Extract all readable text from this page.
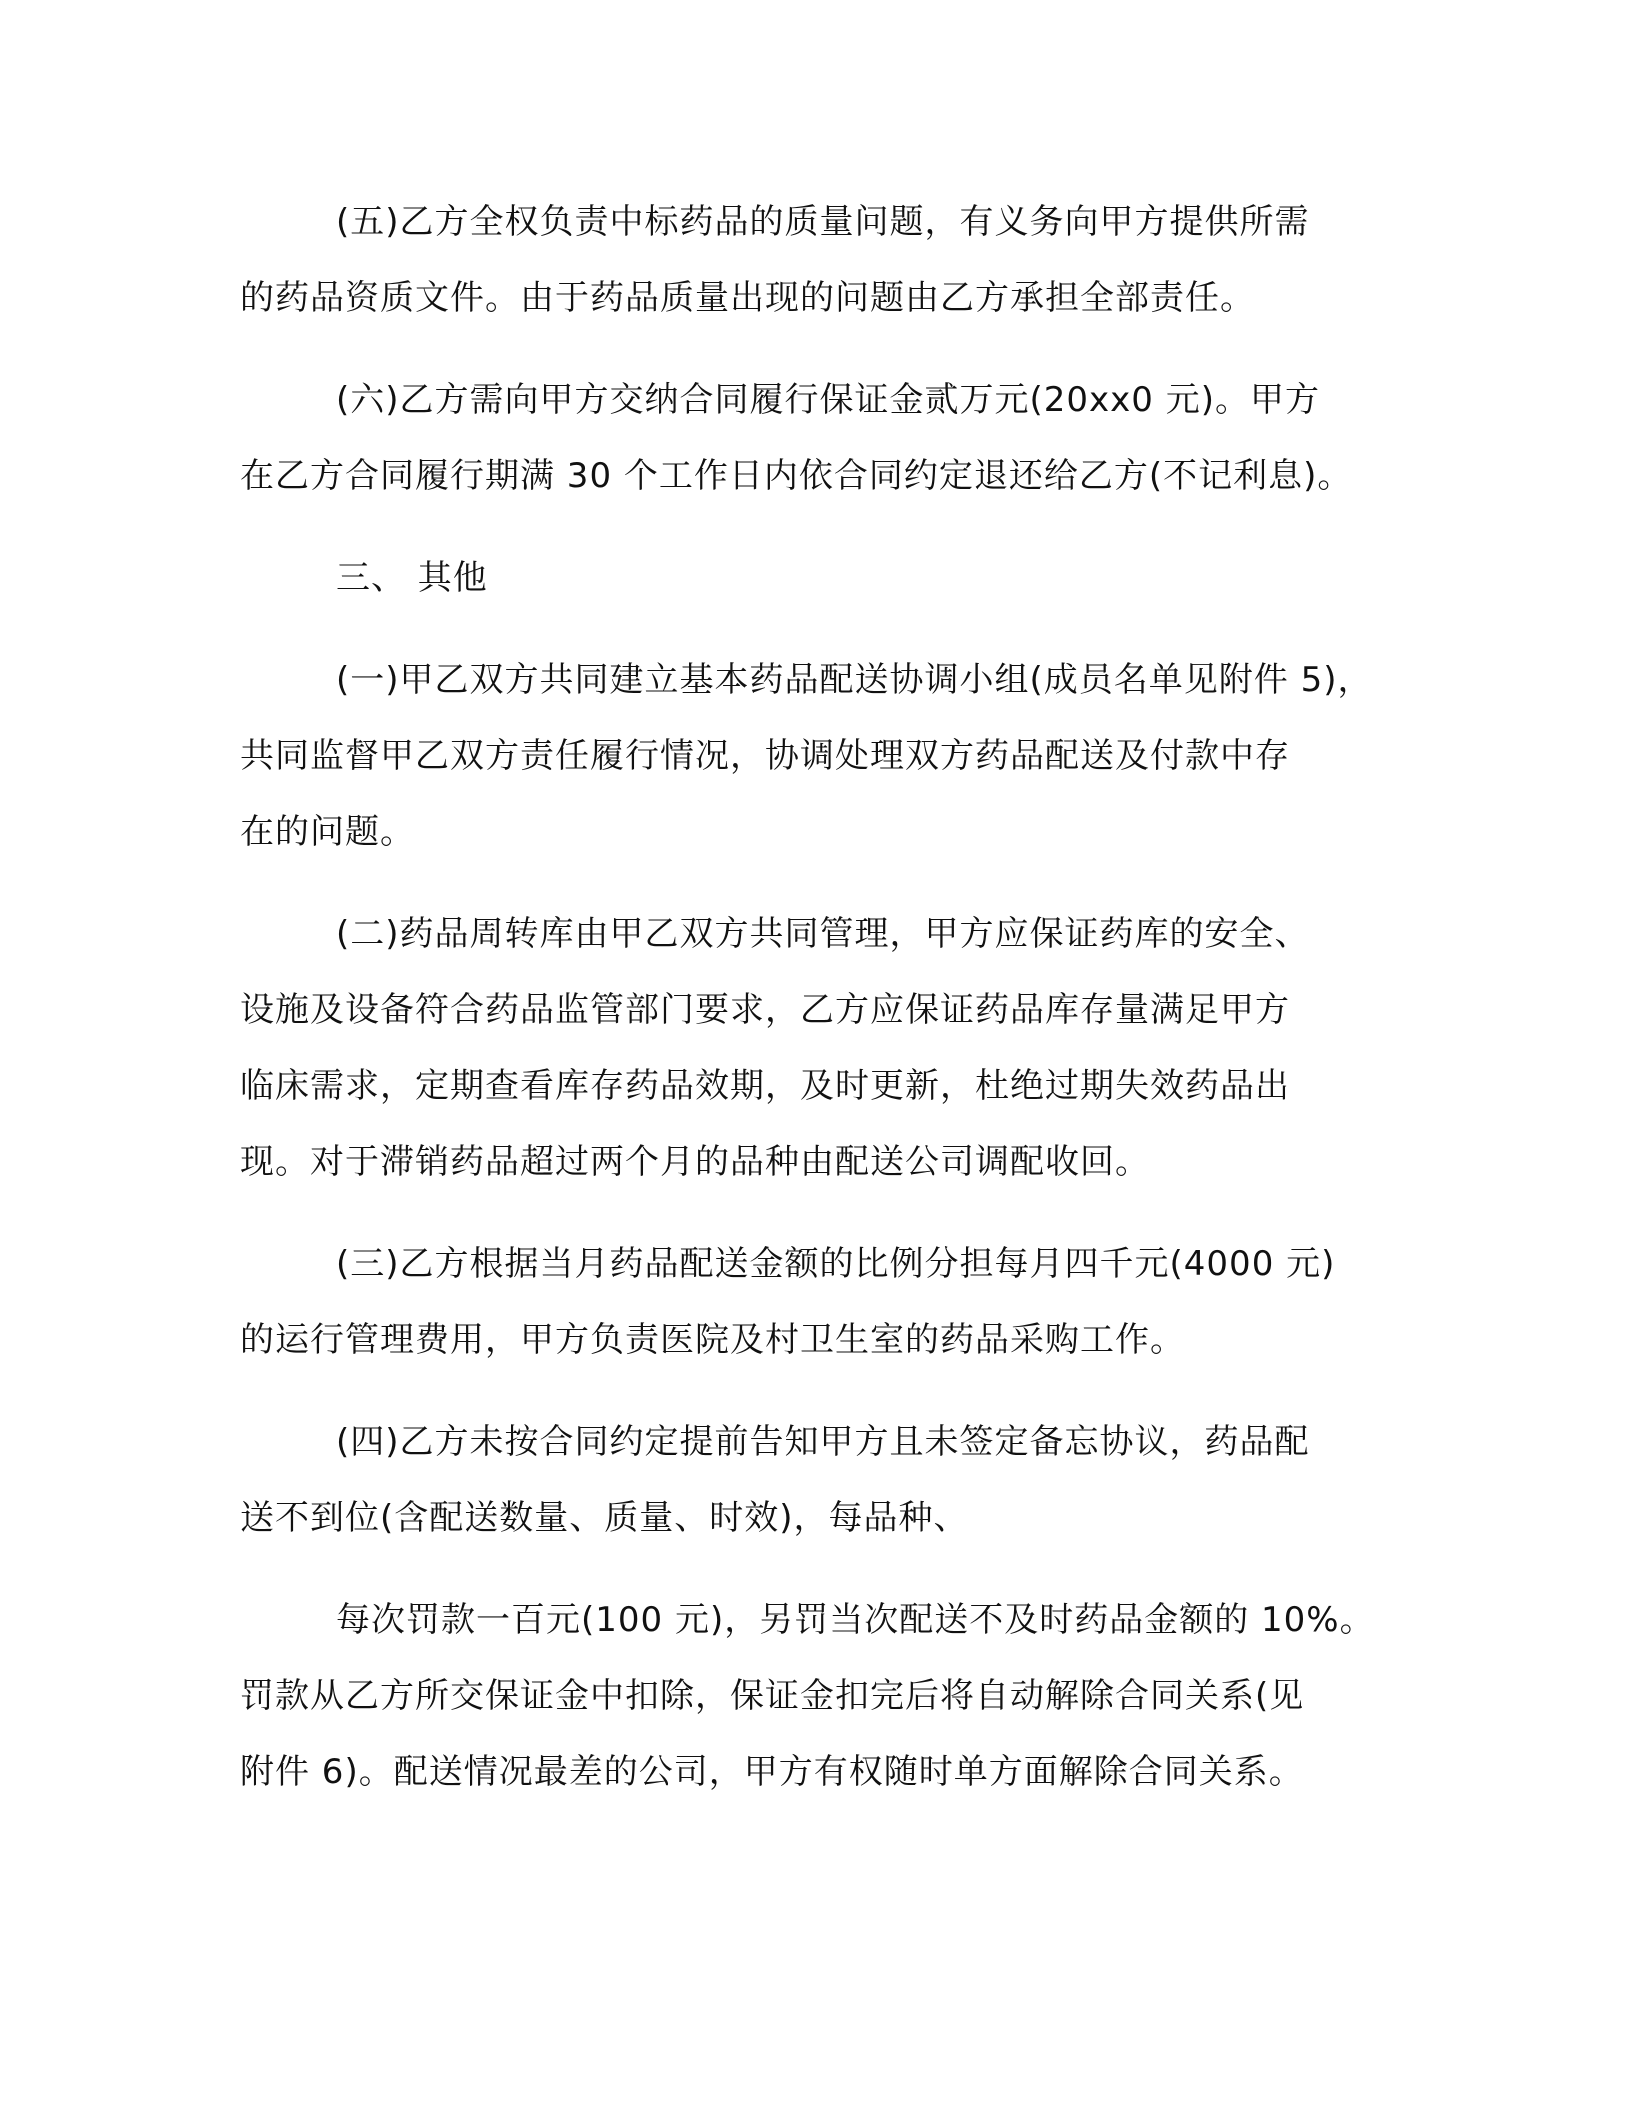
(五)乙方全权负责中标药品的质量问题，有义务向甲方提供所需
的药品资质文件。由于药品质量出现的问题由乙方承担全部责任。
(六)乙方需向甲方交纳合同履行保证金贰万元(20xx0 元)。甲方
在乙方合同履行期满 30 个工作日内依合同约定退还给乙方(不记利息)。
三、 其他
(一)甲乙双方共同建立基本药品配送协调小组(成员名单见附件 5)，
共同监督甲乙双方责任履行情况，协调处理双方药品配送及付款中存
在的问题。
(二)药品周转库由甲乙双方共同管理，甲方应保证药库的安全、
设施及设备符合药品监管部门要求，乙方应保证药品库存量满足甲方
临床需求，定期查看库存药品效期，及时更新，杜绝过期失效药品出
现。对于滞销药品超过两个月的品种由配送公司调配收回。
(三)乙方根据当月药品配送金额的比例分担每月四千元(4000 元)
的运行管理费用，甲方负责医院及村卫生室的药品采购工作。
(四)乙方未按合同约定提前告知甲方且未签定备忘协议，药品配
送不到位(含配送数量、质量、时效)，每品种、
每次罚款一百元(100 元)，另罚当次配送不及时药品金额的 10%。
罚款从乙方所交保证金中扣除，保证金扣完后将自动解除合同关系(见
附件 6)。配送情况最差的公司，甲方有权随时单方面解除合同关系。
